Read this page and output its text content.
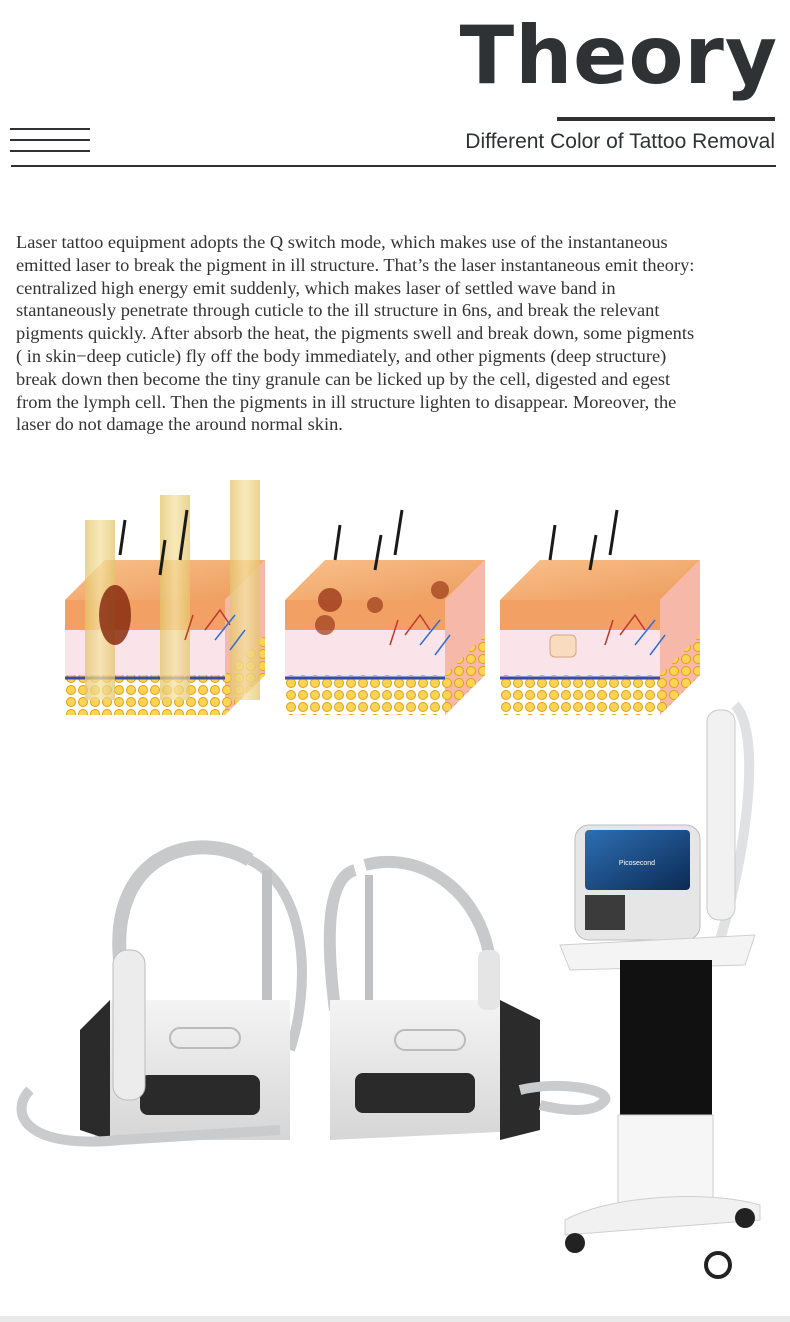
Theory
Different Color of Tattoo Removal

Laser tattoo equipment adopts the Q switch mode, which makes use of the instantaneous
emitted laser to break the pigment in ill structure. That’s the laser instantaneous emit theory:
centralized high energy emit suddenly, which makes laser of settled wave band in
stantaneously penetrate through cuticle to the ill structure in 6ns, and break the relevant
pigments quickly. After absorb the heat, the pigments swell and break down, some pigments
( in skin−deep cuticle) fly off the body immediately, and other pigments (deep structure)
break down then become the tiny granule can be licked up by the cell, digested and egest
from the lymph cell. Then the pigments in ill structure lighten to disappear. Moreover, the
laser do not damage the around normal skin.

Picosecond
